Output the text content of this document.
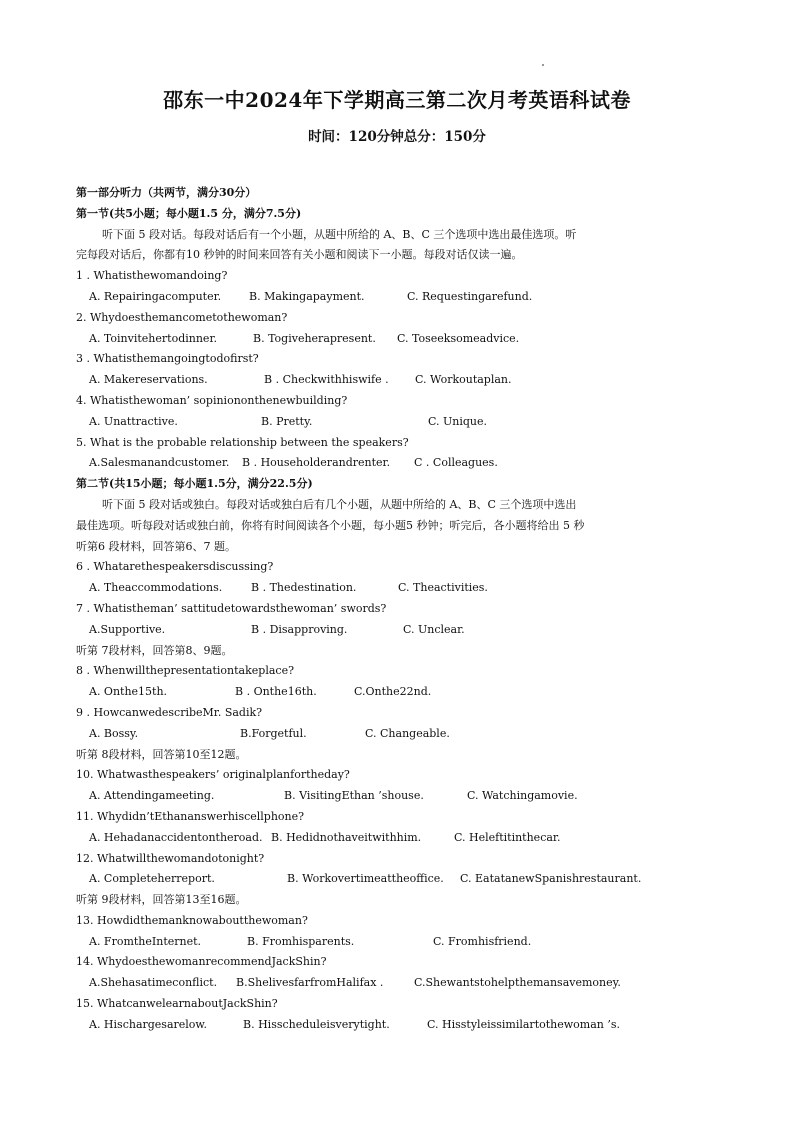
邵东一中2024年下学期高三第二次月考英语科试卷
时间：120分钟总分：150分
第一部分听力（共两节，满分30分）
第一节(共5小题；每小题1.5 分，满分7.5分)
听下面 5 段对话。每段对话后有一个小题，从题中所给的 A、B、C 三个选项中选出最佳选项。听
完每段对话后，你都有10 秒钟的时间来回答有关小题和阅读下一小题。每段对话仅读一遍。
1 . Whatisthewomandoing?
A. Repairingacomputer.	B. Makingapayment.	C. Requestingarefund.
2. Whydoesthemancometothewoman?
A. Toinvitehertodinner.	B. Togiveherapresent.	C. Toseeksomeadvice.
3 . Whatisthemangoingtodofirst?
A. Makereservations.	B . Checkwithhiswife .	C. Workoutaplan.
4. Whatisthewoman’ sopiniononthenewbuilding?
A. Unattractive.	B. Pretty.	C. Unique.
5. What is the probable relationship between the speakers?
A.Salesmanandcustomer.	B . Householderandrenter.	C . Colleagues.
第二节(共15小题；每小题1.5分，满分22.5分)
听下面 5 段对话或独白。每段对话或独白后有几个小题，从题中所给的 A、B、C 三个选项中选出
最佳选项。听每段对话或独白前，你将有时间阅读各个小题，每小题5 秒钟；听完后，各小题将给出 5 秒
听第6 段材料，回答第6、7 题。
6 . Whatarethespeakersdiscussing?
A. Theaccommodations.	B . Thedestination.	C. Theactivities.
7 . Whatistheman’ sattitudetowardsthewoman’ swords?
A.Supportive.	B . Disapproving.	C. Unclear.
听第 7段材料，回答第8、9题。
8 . Whenwillthepresentationtakeplace?
A. Onthe15th.	B . Onthe16th.	C.Onthe22nd.
9 . HowcanwedescribeMr. Sadik?
A. Bossy.	B.Forgetful.	C. Changeable.
听第 8段材料，回答第10至12题。
10. Whatwasthespeakers’ originalplanfortheday?
A. Attendingameeting.	B. VisitingEthan ’shouse.	C. Watchingamovie.
11. Whydidn’tEthananswerhiscellphone?
A. Hehadanaccidentontheroad. B. Hedidnothaveitwithhim.	C. Heleftitinthecar.
12. Whatwillthewomandotonight?
A. Completeherreport.	B. Workovertimeattheoffice.	C. EatatanewSpanishrestaurant.
听第 9段材料，回答第13至16题。
13. Howdidthemanknowaboutthewoman?
A. FromtheInternet.	B. Fromhisparents.	C. Fromhisfriend.
14. WhydoesthewomanrecommendJackShin?
A.Shehasatimeconflict.	B.ShelivesfarfromHalifax .	C.Shewantstohelpthemansavemoney.
15. WhatcanwelearnaboutJackShin?
A. Hischargesarelow.	B. Hisscheduleisverytight.	C. Hisstyleissimilartothewoman ’s.
